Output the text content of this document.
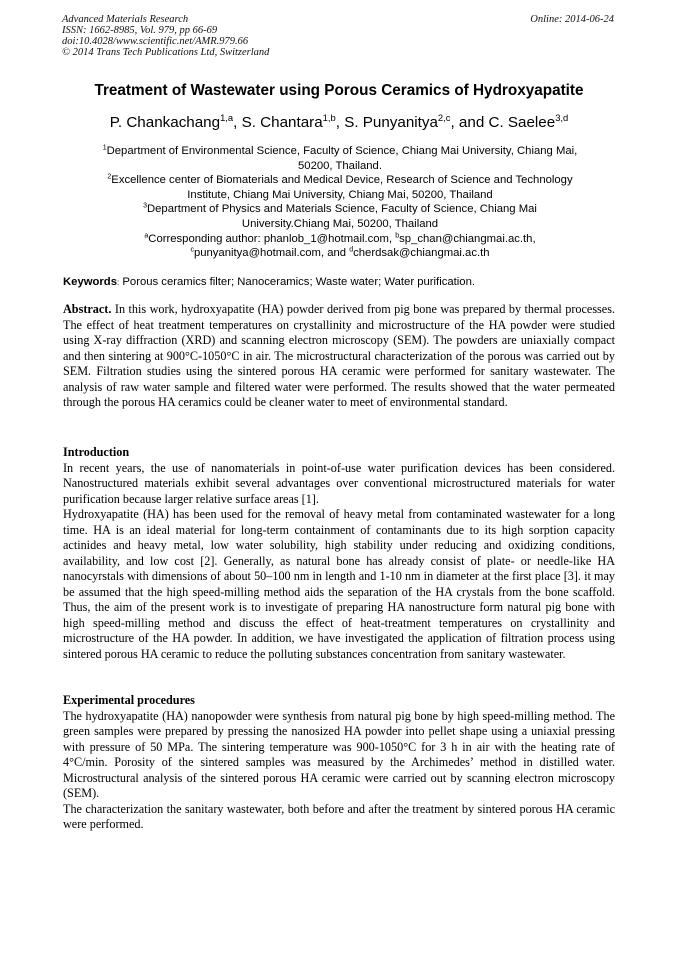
Advanced Materials Research
ISSN: 1662-8985, Vol. 979, pp 66-69
doi:10.4028/www.scientific.net/AMR.979.66
© 2014 Trans Tech Publications Ltd, Switzerland
Online: 2014-06-24
Treatment of Wastewater using Porous Ceramics of Hydroxyapatite
P. Chankachang$^{1,a}$, S. Chantara$^{1,b}$, S. Punyanitya$^{2,c}$, and C. Saelee$^{3,d}$
$^1$Department of Environmental Science, Faculty of Science, Chiang Mai University, Chiang Mai,
50200, Thailand.
$^2$Excellence center of Biomaterials and Medical Device, Research of Science and Technology
Institute, Chiang Mai University, Chiang Mai, 50200, Thailand
$^3$Department of Physics and Materials Science, Faculty of Science, Chiang Mai
University.Chiang Mai, 50200, Thailand
$^a$Corresponding author: phanlob_1@hotmail.com, $^b$sp_chan@chiangmai.ac.th,
$^c$punyanitya@hotmail.com, and $^d$cherdsak@chiangmai.ac.th
Keywords: Porous ceramics filter; Nanoceramics; Waste water; Water purification.

Abstract. In this work, hydroxyapatite (HA) powder derived from pig bone was prepared by thermal processes. The effect of heat treatment temperatures on crystallinity and microstructure of the HA powder were studied using X-ray diffraction (XRD) and scanning electron microscopy (SEM). The powders are uniaxially compact and then sintering at 900°C-1050°C in air. The microstructural characterization of the porous was carried out by SEM. Filtration studies using the sintered porous HA ceramic were performed for sanitary wastewater. The analysis of raw water sample and filtered water were performed. The results showed that the water permeated through the porous HA ceramics could be cleaner water to meet of environmental standard.

Introduction

In recent years, the use of nanomaterials in point-of-use water purification devices has been considered. Nanostructured materials exhibit several advantages over conventional microstructured materials for water purification because larger relative surface areas [1].

Hydroxyapatite (HA) has been used for the removal of heavy metal from contaminated wastewater for a long time. HA is an ideal material for long-term containment of contaminants due to its high sorption capacity actinides and heavy metal, low water solubility, high stability under reducing and oxidizing conditions, availability, and low cost [2]. Generally, as natural bone has already consist of plate- or needle-like HA nanocyrstals with dimensions of about 50–100 nm in length and 1-10 nm in diameter at the first place [3]. it may be assumed that the high speed-milling method aids the separation of the HA crystals from the bone scaffold. Thus, the aim of the present work is to investigate of preparing HA nanostructure form natural pig bone with high speed-milling method and discuss the effect of heat-treatment temperatures on crystallinity and microstructure of the HA powder. In addition, we have investigated the application of filtration process using sintered porous HA ceramic to reduce the polluting substances concentration from sanitary wastewater.

Experimental procedures

The hydroxyapatite (HA) nanopowder were synthesis from natural pig bone by high speed-milling method. The green samples were prepared by pressing the nanosized HA powder into pellet shape using a uniaxial pressing with pressure of 50 MPa. The sintering temperature was 900-1050°C for 3 h in air with the heating rate of 4°C/min. Porosity of the sintered samples was measured by the Archimedes’ method in distilled water. Microstructural analysis of the sintered porous HA ceramic were carried out by scanning electron microscopy (SEM).

The characterization the sanitary wastewater, both before and after the treatment by sintered porous HA ceramic were performed.
